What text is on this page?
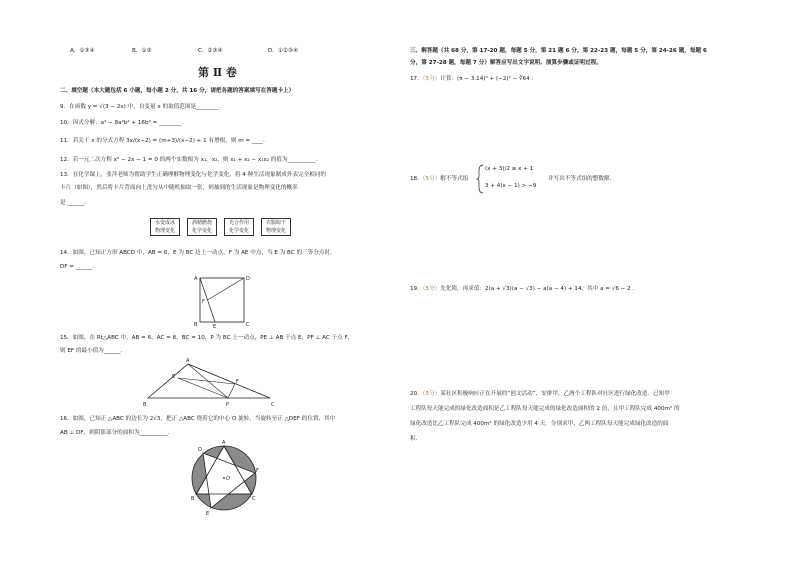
A．①③④	B．①③	C．②③④	D．①②③④
第 Ⅱ 卷
二、填空题（本大题包括 6 小题，每小题 2 分，共 16 分，请把各题的答案填写在答题卡上）
9．在函数 y = √(3 − 2x) 中，自变量 x 的取值范围是________．
10．因式分解：a⁴ − 8a²b² + 16b⁴ = ________．
11．若关于 x 的分式方程 3x/(x−2) = (m+3)/(x−2) + 1 有增根，则 m = ____．
12．若一元二次方程 x² − 2x − 1 = 0 的两个实数根为 x₁，x₂，则 x₁ + x₂ − x₁x₂ 的值为__________．
13．在化学课上，张萍老师为帮助学生正确理解物理变化与化学变化，将 4 种生活现象制成外表完全相同的
卡片（如图），然后将卡片背面向上洗匀从中随机抽取一张，则抽到的生活现象是物理变化的概率
是 ______．
水变成冰
物理变化
酒精燃烧
化学变化
光合作用
化学变化
衣服晾干
物理变化
14．如图，已知正方形 ABCD 中，AB = 6，E 为 BC 边上一动点，F 为 AE 中点，当 E 为 BC 的三等分点时，
DF = ______．
A	D
B	C
E
F
15．如图，在 Rt△ABC 中，AB = 6，AC = 8，BC = 10，P 为 BC 上一动点，PE ⊥ AB 于点 E，PF ⊥ AC 于点 F，
则 EF 的最小值为______．
A
B	C
E
F
P
16．如图，已知正 △ABC 的边长为 2√3，把正 △ABC 绕着它的中心 O 旋转，当旋转至正 △DEF 的位置，其中
AB ⊥ DF，则阴影部分的面积为__________．
O
A
D
F
C
B
E
三、解答题（共 68 分，第 17-20 题，每题 5 分，第 21 题 6 分，第 22-23 题，每题 5 分，第 24-26 题，每题 6
分，第 27-28 题，每题 7 分）解答应写出文字说明、演算步骤或证明过程。
17．（5分）计算：(π − 3.14)⁰ + (−2)² − ∛64 ．
18．（5分）解不等式组
(x + 3)/2 ≥ x + 1
3 + 4(x − 1) > −9
并写出不等式组的整数解．
19．（5分）先化简，再求值：2(a + √3)(a − √3) − a(a − 4) + 14，其中 a = √6 − 2 ．
20．（5分）某社区积极响应正在开展的“创文活动”，安排甲、乙两个工程队对社区进行绿化改造．已知甲
工程队每天能完成的绿化改造面积是乙工程队每天能完成的绿化改造面积的 2 倍，且甲工程队完成 400m² 的
绿化改造比乙工程队完成 400m² 的绿化改造少用 4 天．分别求甲、乙两工程队每天能完成绿化改造的面
积．
